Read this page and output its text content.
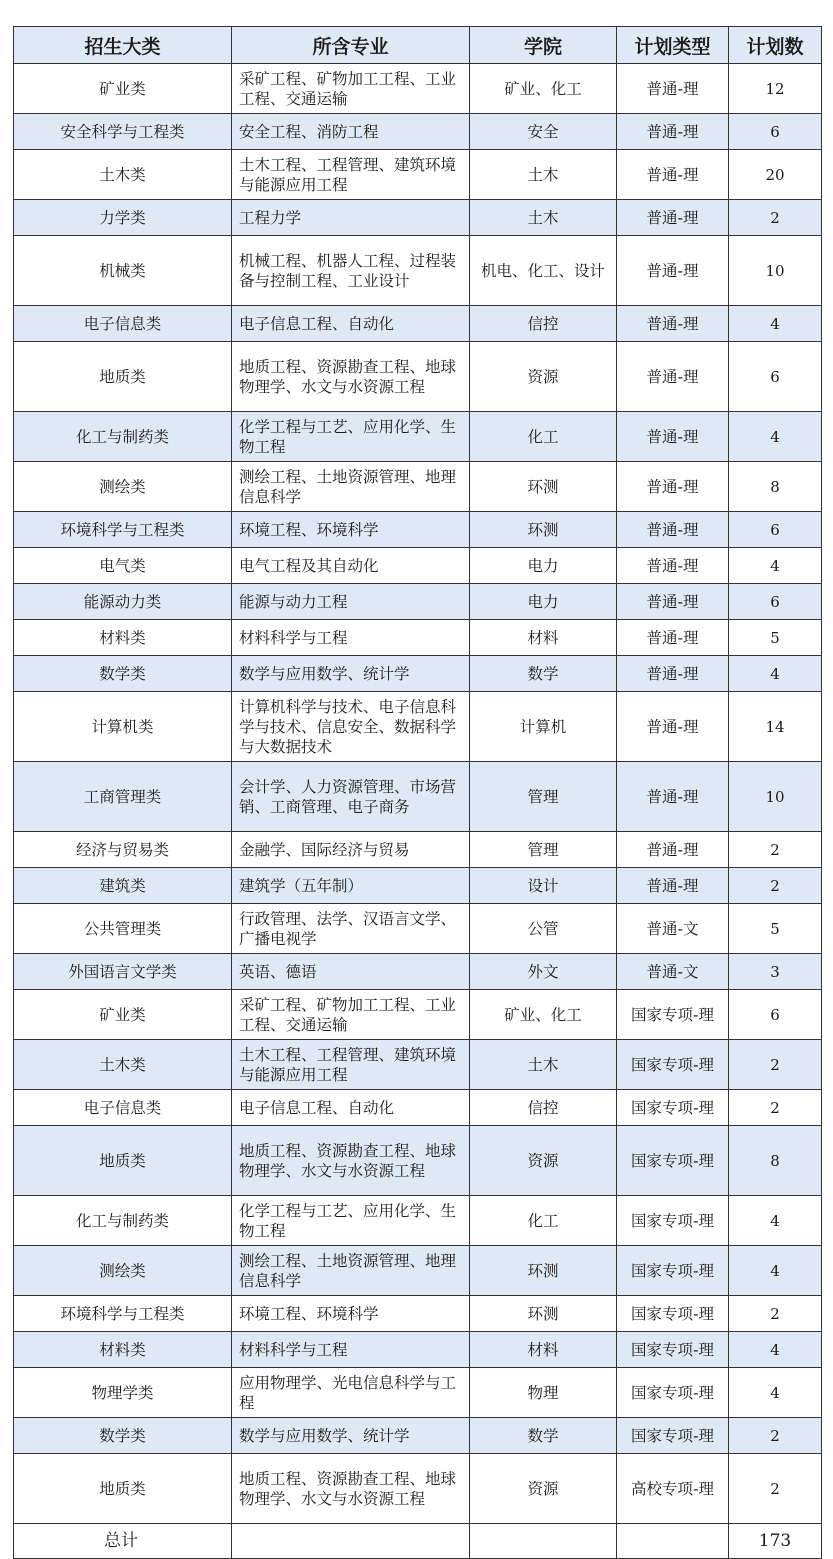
招生大类	所含专业	学院	计划类型	计划数
矿业类	采矿工程、矿物加工工程、工业工程、交通运输	矿业、化工	普通-理	12
安全科学与工程类	安全工程、消防工程	安全	普通-理	6
土木类	土木工程、工程管理、建筑环境与能源应用工程	土木	普通-理	20
力学类	工程力学	土木	普通-理	2
机械类	机械工程、机器人工程、过程装备与控制工程、工业设计	机电、化工、设计	普通-理	10
电子信息类	电子信息工程、自动化	信控	普通-理	4
地质类	地质工程、资源勘查工程、地球物理学、水文与水资源工程	资源	普通-理	6
化工与制药类	化学工程与工艺、应用化学、生物工程	化工	普通-理	4
测绘类	测绘工程、土地资源管理、地理信息科学	环测	普通-理	8
环境科学与工程类	环境工程、环境科学	环测	普通-理	6
电气类	电气工程及其自动化	电力	普通-理	4
能源动力类	能源与动力工程	电力	普通-理	6
材料类	材料科学与工程	材料	普通-理	5
数学类	数学与应用数学、统计学	数学	普通-理	4
计算机类	计算机科学与技术、电子信息科学与技术、信息安全、数据科学与大数据技术	计算机	普通-理	14
工商管理类	会计学、人力资源管理、市场营销、工商管理、电子商务	管理	普通-理	10
经济与贸易类	金融学、国际经济与贸易	管理	普通-理	2
建筑类	建筑学（五年制）	设计	普通-理	2
公共管理类	行政管理、法学、汉语言文学、广播电视学	公管	普通-文	5
外国语言文学类	英语、德语	外文	普通-文	3
矿业类	采矿工程、矿物加工工程、工业工程、交通运输	矿业、化工	国家专项-理	6
土木类	土木工程、工程管理、建筑环境与能源应用工程	土木	国家专项-理	2
电子信息类	电子信息工程、自动化	信控	国家专项-理	2
地质类	地质工程、资源勘查工程、地球物理学、水文与水资源工程	资源	国家专项-理	8
化工与制药类	化学工程与工艺、应用化学、生物工程	化工	国家专项-理	4
测绘类	测绘工程、土地资源管理、地理信息科学	环测	国家专项-理	4
环境科学与工程类	环境工程、环境科学	环测	国家专项-理	2
材料类	材料科学与工程	材料	国家专项-理	4
物理学类	应用物理学、光电信息科学与工程	物理	国家专项-理	4
数学类	数学与应用数学、统计学	数学	国家专项-理	2
地质类	地质工程、资源勘查工程、地球物理学、水文与水资源工程	资源	高校专项-理	2
总计				173
